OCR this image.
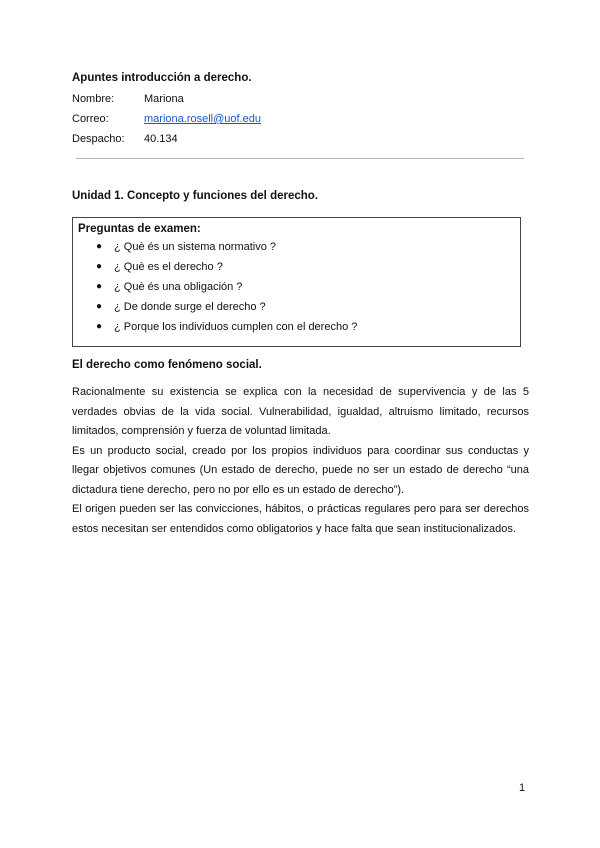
Apuntes introducción a derecho.
Nombre:	Mariona
Correo:	mariona.rosell@uof.edu
Despacho:	40.134
Unidad 1. Concepto y funciones del derecho.
Preguntas de examen:
●	¿ Què és un sistema normativo ?
●	¿ Què es el derecho ?
●	¿ Què és una obligación ?
●	¿ De donde surge el derecho ?
●	¿ Porque los individuos cumplen con el derecho ?
El derecho como fenómeno social.

Racionalmente su existencia se explica con la necesidad de supervivencia y de las 5 verdades obvias de la vida social. Vulnerabilidad, igualdad, altruismo limitado, recursos limitados, comprensión y fuerza de voluntad limitada.

Es un producto social, creado por los propios individuos para coordinar sus conductas y llegar objetivos comunes (Un estado de derecho, puede no ser un estado de derecho “una dictadura tiene derecho, pero no por ello es un estado de derecho”).

El origen pueden ser las convicciones, hábitos, o prácticas regulares pero para ser derechos estos necesitan ser entendidos como obligatorios y hace falta que sean institucionalizados.

1
